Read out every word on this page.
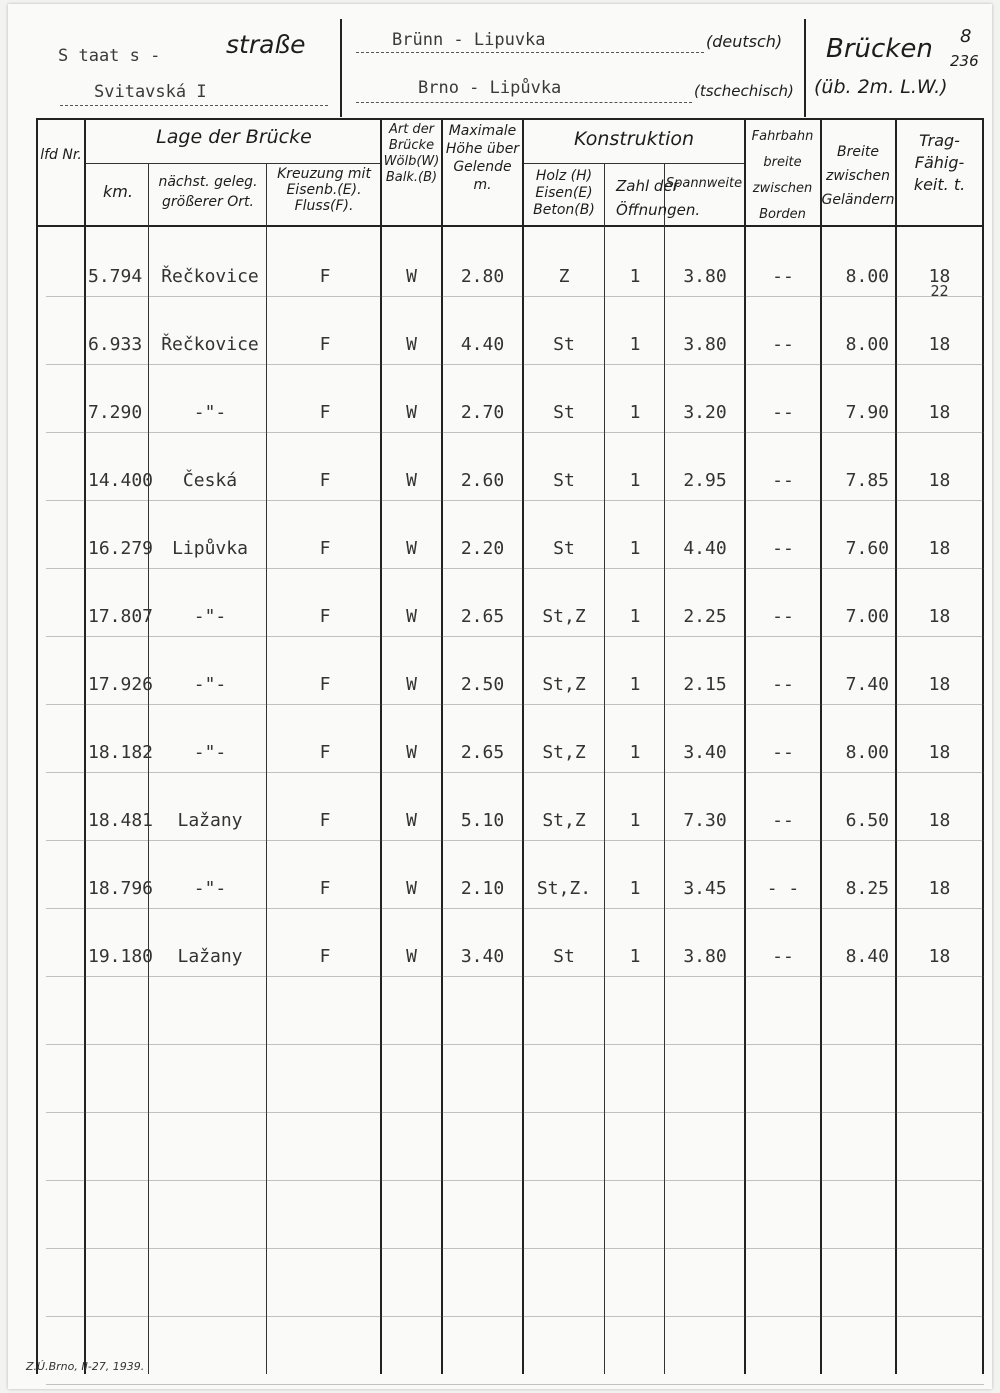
S taat s -	straße
Svitavská I
Brünn - Lipuvka	(deutsch)
Brno - Lipůvka	(tschechisch)
Brücken
(üb. 2m. L.W.)
8
236
lfd Nr.
Lage der Brücke
km.	nächst. geleg. größerer Ort.
Kreuzung mit Eisenb.(E). Fluss(F).
Art der Brücke Wölb(W) Balk.(B)
Maximale Höhe über Gelende m.
Konstruktion
Holz (H) Eisen(E) Beton(B)
Zahl der Öffnungen.
Spannweite
Fahrbahn breite zwischen Borden
Breite zwischen Geländern
Trag- Fähig- keit. t.
5.794	Řečkovice	F	W	2.80	Z	1	3.80	--	8.00	18
22
6.933	Řečkovice	F	W	4.40	St	1	3.80	--	8.00	18
7.290	-"-	F	W	2.70	St	1	3.20	--	7.90	18
14.400	Česká	F	W	2.60	St	1	2.95	--	7.85	18
16.279	Lipůvka	F	W	2.20	St	1	4.40	--	7.60	18
17.807	-"-	F	W	2.65	St,Z	1	2.25	--	7.00	18
17.926	-"-	F	W	2.50	St,Z	1	2.15	--	7.40	18
18.182	-"-	F	W	2.65	St,Z	1	3.40	--	8.00	18
18.481	Lažany	F	W	5.10	St,Z	1	7.30	--	6.50	18
18.796	-"-	F	W	2.10	St,Z.	1	3.45	- -	8.25	18
19.180	Lažany	F	W	3.40	St	1	3.80	--	8.40	18
Z.Ú.Brno, II-27, 1939.
